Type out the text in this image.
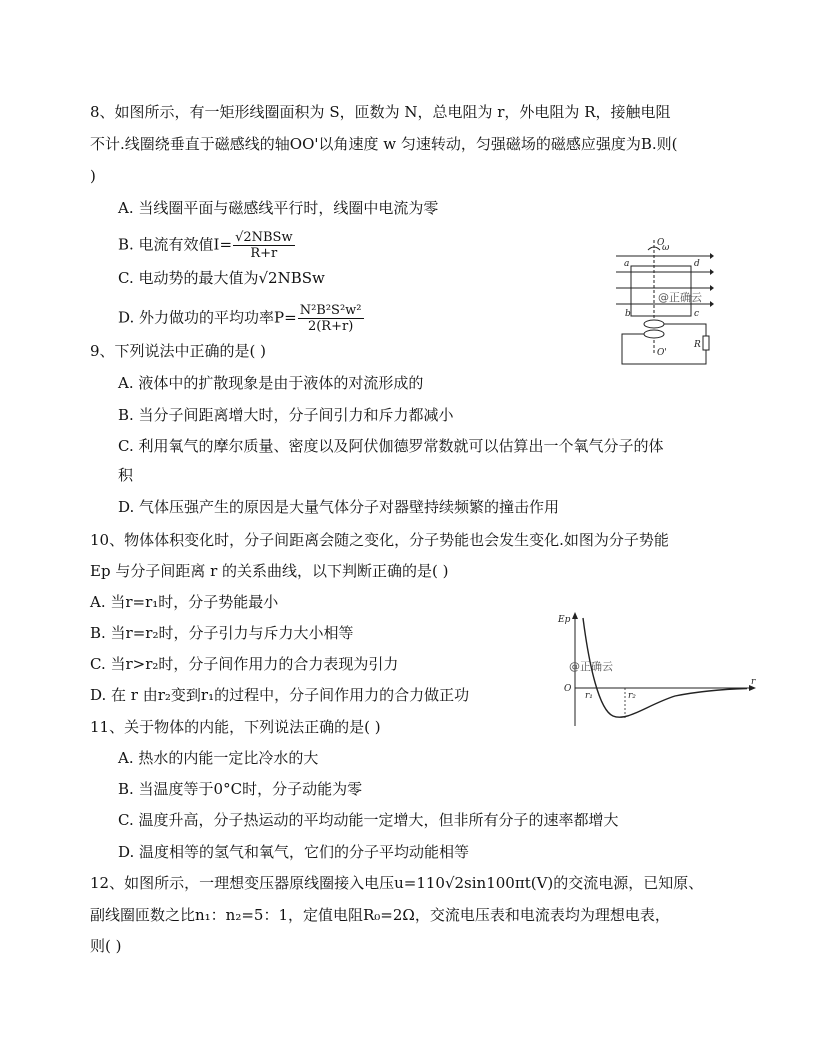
8、如图所示，有一矩形线圈面积为 S，匝数为 N，总电阻为 r，外电阻为 R，接触电阻
不计.线圈绕垂直于磁感线的轴OO'以角速度 w 匀速转动，匀强磁场的磁感应强度为B.则(
)
A. 当线圈平面与磁感线平行时，线圈中电流为零
B. 电流有效值$I= \frac{\text{√2NBSw}}{R+r}$
C. 电动势的最大值为√2NBSw
D. 外力做功的平均功率$P= \frac{\text{N²B²S²w²}}{2(R+r)}$
O
ω
a	d
b	c
O'
R
@正确云
9、下列说法中正确的是( )
A. 液体中的扩散现象是由于液体的对流形成的
B. 当分子间距离增大时，分子间引力和斥力都减小
C. 利用氧气的摩尔质量、密度以及阿伏伽德罗常数就可以估算出一个氧气分子的体
积
D. 气体压强产生的原因是大量气体分子对器壁持续频繁的撞击作用
10、物体体积变化时，分子间距离会随之变化，分子势能也会发生变化.如图为分子势能
Ep 与分子间距离 r 的关系曲线，以下判断正确的是( )
A. 当r=r₁时，分子势能最小
B. 当r=r₂时，分子引力与斥力大小相等
C. 当r>r₂时，分子间作用力的合力表现为引力
D. 在 r 由r₂变到r₁的过程中，分子间作用力的合力做正功
Ep
O
r
r₁	r₂
@正确云
11、关于物体的内能，下列说法正确的是( )
A. 热水的内能一定比冷水的大
B. 当温度等于0°C时，分子动能为零
C. 温度升高，分子热运动的平均动能一定增大，但非所有分子的速率都增大
D. 温度相等的氢气和氧气，它们的分子平均动能相等
12、如图所示，一理想变压器原线圈接入电压u=110√2sin100πt(V)的交流电源，已知原、
副线圈匝数之比n₁：n₂=5：1，定值电阻R₀=2Ω，交流电压表和电流表均为理想电表，
则( )
